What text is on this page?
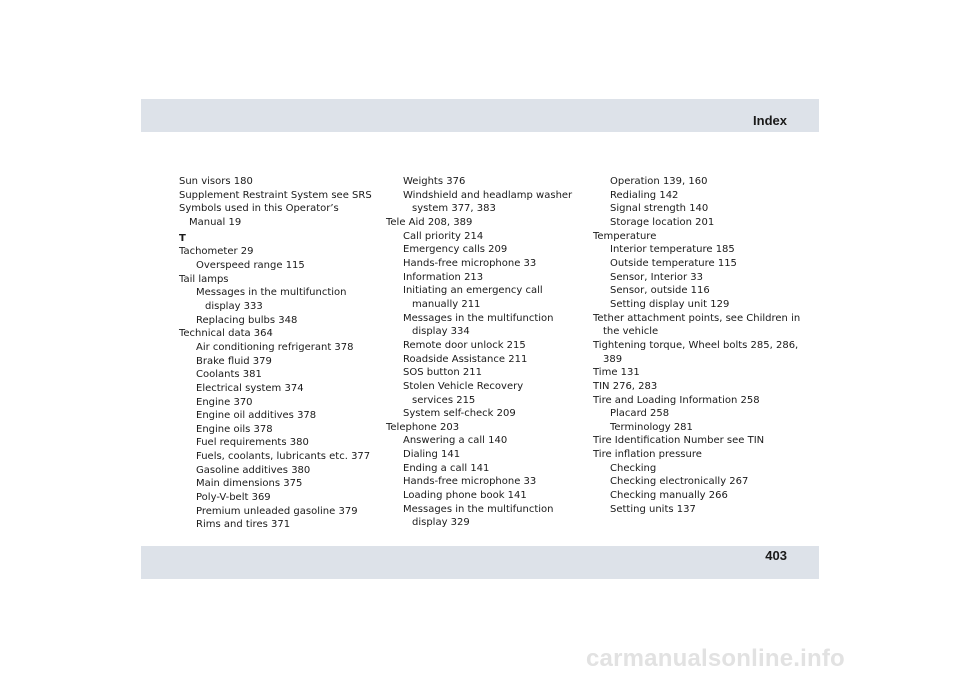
Index
Sun visors 180
Supplement Restraint System see SRS
Symbols used in this Operator’s
Manual 19
T
Tachometer 29
Overspeed range 115
Tail lamps
Messages in the multifunction
display 333
Replacing bulbs 348
Technical data 364
Air conditioning refrigerant 378
Brake fluid 379
Coolants 381
Electrical system 374
Engine 370
Engine oil additives 378
Engine oils 378
Fuel requirements 380
Fuels, coolants, lubricants etc. 377
Gasoline additives 380
Main dimensions 375
Poly-V-belt 369
Premium unleaded gasoline 379
Rims and tires 371
Weights 376
Windshield and headlamp washer
system 377, 383
Tele Aid 208, 389
Call priority 214
Emergency calls 209
Hands-free microphone 33
Information 213
Initiating an emergency call
manually 211
Messages in the multifunction
display 334
Remote door unlock 215
Roadside Assistance 211
SOS button 211
Stolen Vehicle Recovery
services 215
System self-check 209
Telephone 203
Answering a call 140
Dialing 141
Ending a call 141
Hands-free microphone 33
Loading phone book 141
Messages in the multifunction
display 329
Operation 139, 160
Redialing 142
Signal strength 140
Storage location 201
Temperature
Interior temperature 185
Outside temperature 115
Sensor, Interior 33
Sensor, outside 116
Setting display unit 129
Tether attachment points, see Children in
the vehicle
Tightening torque, Wheel bolts 285, 286,
389
Time 131
TIN 276, 283
Tire and Loading Information 258
Placard 258
Terminology 281
Tire Identification Number see TIN
Tire inflation pressure
Checking
Checking electronically 267
Checking manually 266
Setting units 137
403
carmanualsonline.info
